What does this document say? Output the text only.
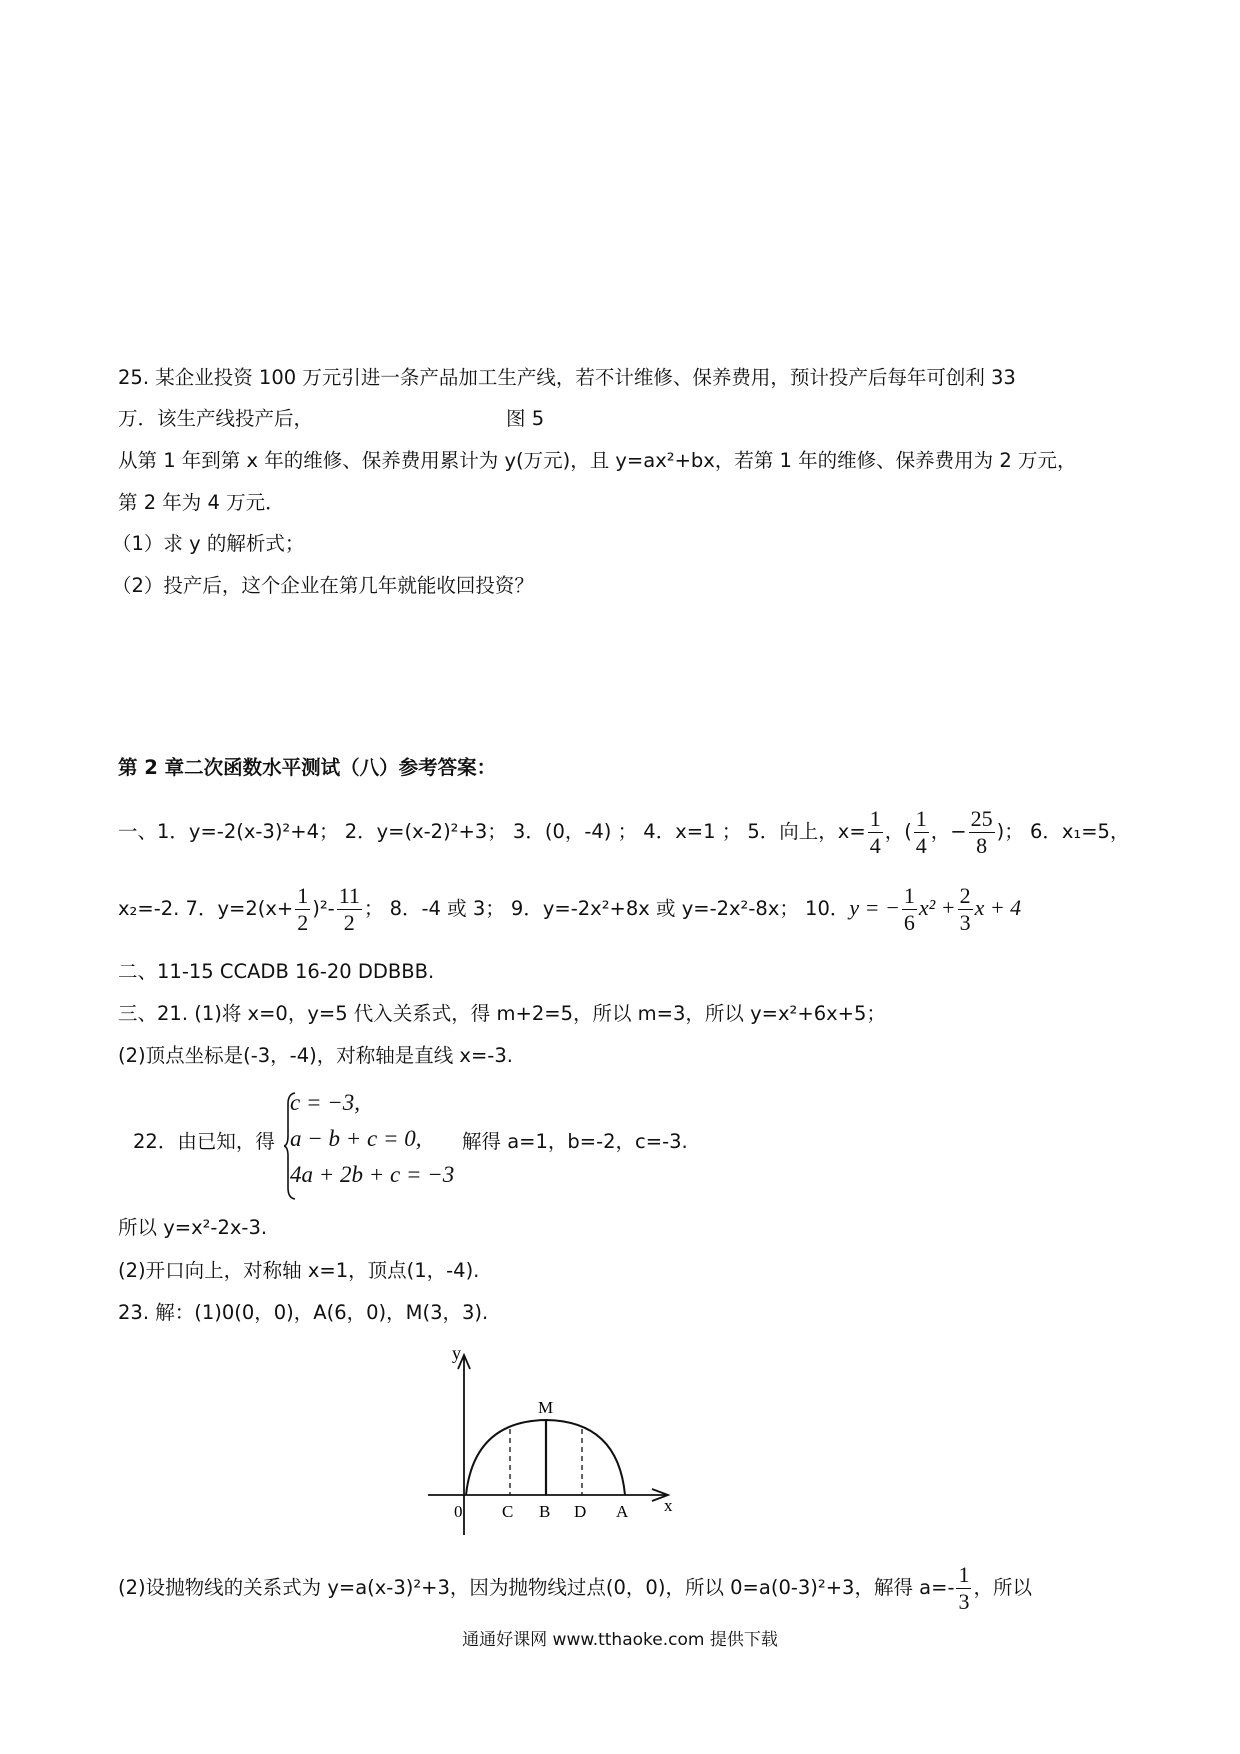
25. 某企业投资 100 万元引进一条产品加工生产线，若不计维修、保养费用，预计投产后每年可创利 33
万．该生产线投产后，	图 5
从第 1 年到第 x 年的维修、保养费用累计为 y(万元)，且 y=ax²+bx，若第 1 年的维修、保养费用为 2 万元，
第 2 年为 4 万元．
（1）求 y 的解析式；
（2）投产后，这个企业在第几年就能收回投资？
第 2 章二次函数水平测试（八）参考答案：
一、1．y=-2(x-3)²+4； 2．y=(x-2)²+3； 3．(0，-4) ； 4．x=1 ； 5．向上，$x= \frac{1}{4}$ ，( $\frac{1}{4}$ ，− $\frac{25}{8}$ )； 6．x₁=5，
x₂=-2. 7．$y=2(x+ \frac{1}{2} )^2- \frac{11}{2}$ ； 8．-4 或 3； 9．y=-2x²+8x 或 y=-2x²-8x； 10．y = − $\frac{1}{6} x^2 + \frac{2}{3}$ x + 4
二、11-15 CCADB 16-20 DDBBB.
三、21. (1)将 x=0，y=5 代入关系式，得 m+2=5，所以 m=3，所以 y=x²+6x+5；
(2)顶点坐标是(-3，-4)，对称轴是直线 x=-3.
22．由已知，得
c = −3,
a − b + c = 0,
4a + 2b + c = −3
解得 a=1，b=-2，c=-3.
所以 y=x²-2x-3.
(2)开口向上，对称轴 x=1，顶点(1，-4).
23. 解：(1)0(0，0)，A(6，0)，M(3，3).
y
M
0 C B D A x
(2)设抛物线的关系式为 y=a(x-3)²+3，因为抛物线过点(0，0)，所以 0=a(0-3)²+3，解得 $a=- \frac{1}{3}$ ，所以
通通好课网 www.tthaoke.com 提供下载
